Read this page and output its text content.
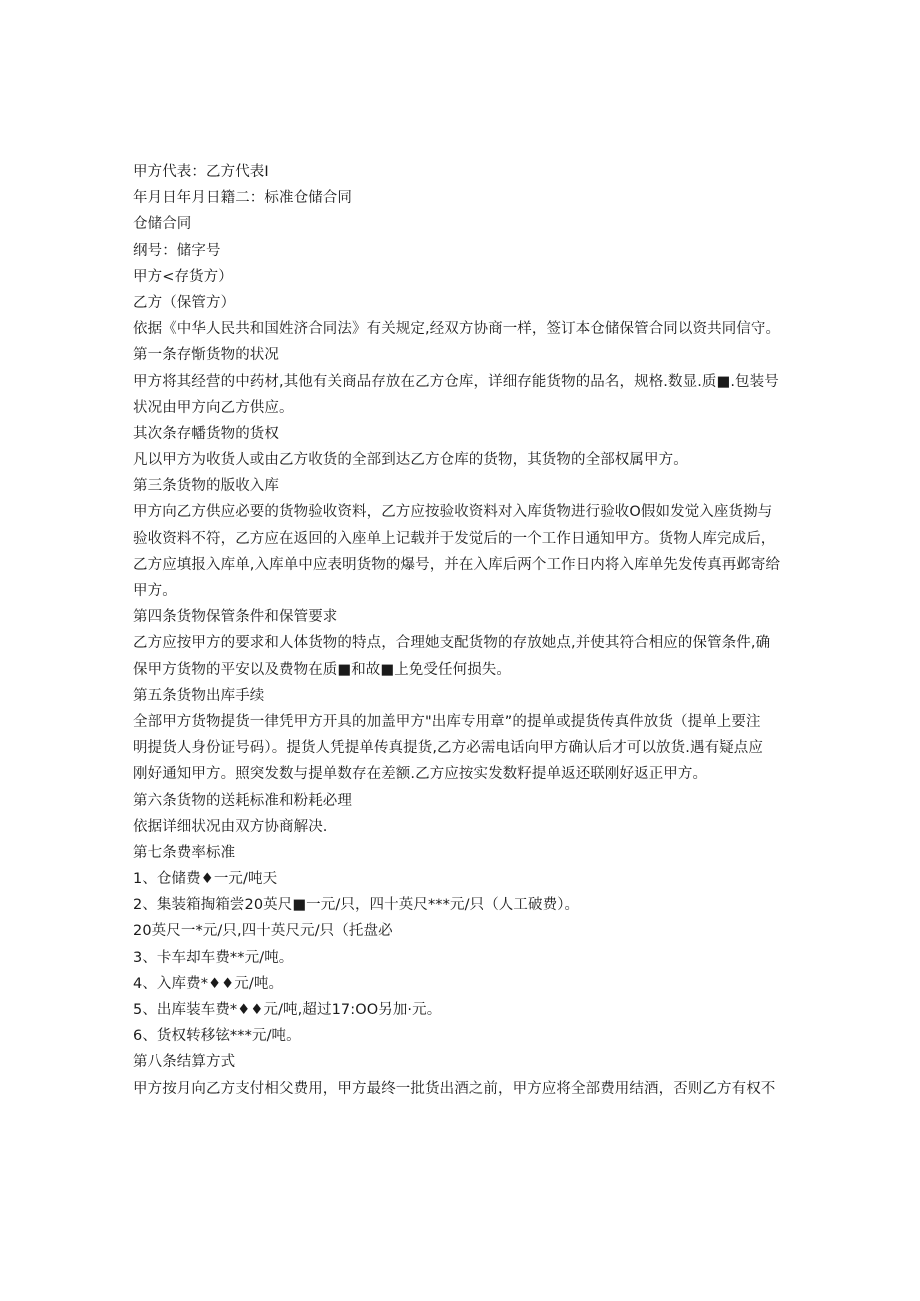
甲方代表：乙方代表I
年月日年月日籍二：标准仓储合同
仓储合同
纲号：储字号
甲方<存货方）
乙方（保管方）
依据《中华人民共和国姓济合同法》有关规定,经双方协商一样，签订本仓储保管合同以资共同信守。
第一条存惭货物的状况
甲方将其经营的中药材,其他有关商品存放在乙方仓库，详细存能货物的品名，规格.数显.质■.包装号
状况由甲方向乙方供应。
其次条存幡货物的货权
凡以甲方为收货人或由乙方收货的全部到达乙方仓库的货物，其货物的全部权属甲方。
第三条货物的版收入库
甲方向乙方供应必要的货物验收资料，乙方应按验收资料对入库货物进行验收O假如发觉入座货拗与
验收资料不符，乙方应在返回的入座单上记载并于发觉后的一个工作日通知甲方。货物人库完成后，
乙方应填报入库单,入库单中应表明货物的爆号，并在入库后两个工作日内将入库单先发传真再邺寄给
甲方。
第四条货物保管条件和保管要求
乙方应按甲方的要求和人体货物的特点，合理她支配货物的存放她点,并使其符合相应的保管条件,确
保甲方货物的平安以及费物在质■和故■上免受任何损失。
第五条货物出库手续
全部甲方货物提货一律凭甲方开具的加盖甲方"出库专用章”的提单或提货传真件放货（提单上要注
明提货人身份证号码）。提货人凭提单传真提货,乙方必需电话向甲方确认后才可以放货.遇有疑点应
刚好通知甲方。照突发数与提单数存在差额.乙方应按实发数籽提单返还联刚好返正甲方。
第六条货物的送耗标准和粉耗必理
依据详细状况由双方协商解决.
第七条费率标准
1、仓储费♦一元/吨天
2、集装箱掏箱尝20英尺■一元/只，四十英尺***元/只（人工破费）。
20英尺一*元/只,四十英尺元/只（托盘必
3、卡车却车费**元/吨。
4、入库费*♦♦元/吨。
5、出库装车费*♦♦元/吨,超过17:OO另加·元。
6、货权转移铉***元/吨。
第八条结算方式
甲方按月向乙方支付相父费用，甲方最终一批货出酒之前，甲方应将全部费用结酒，否则乙方有权不
